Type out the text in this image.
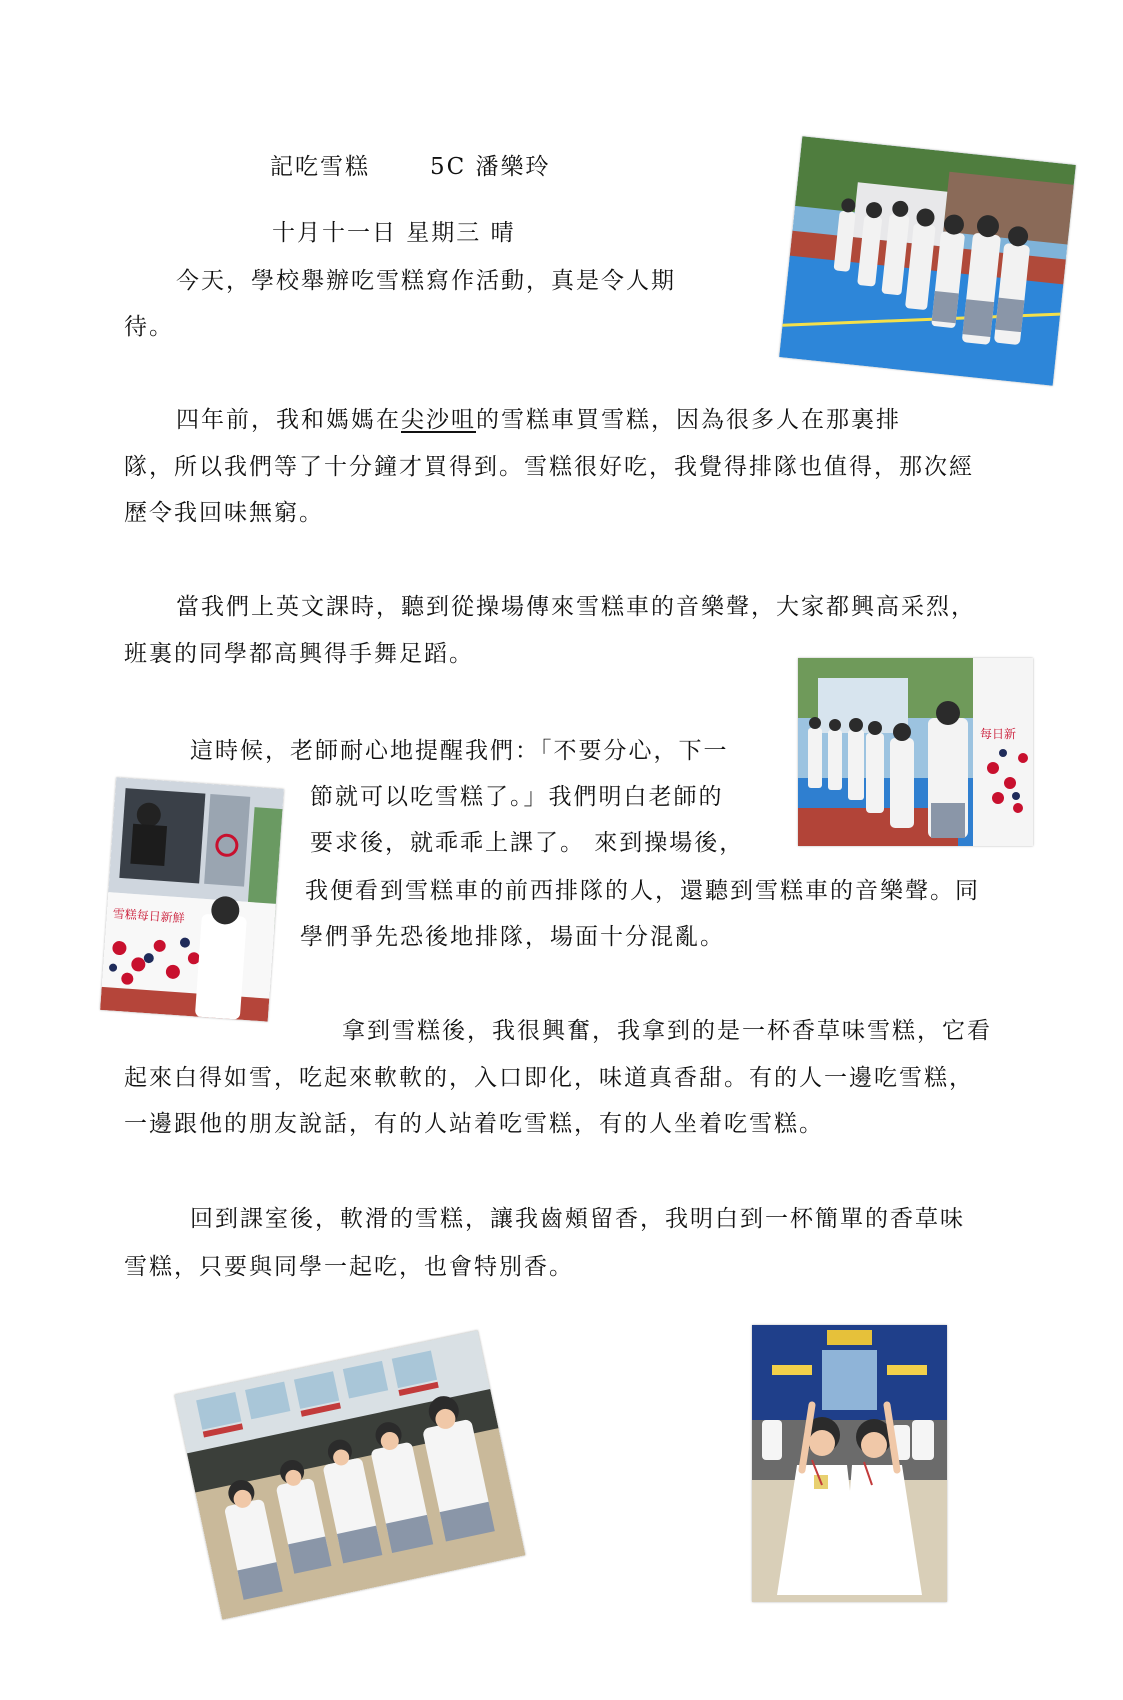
記吃雪糕	5C 潘樂玲
十月十一日 星期三 晴
今天，學校舉辦吃雪糕寫作活動，真是令人期
待。
四年前，我和媽媽在尖沙咀的雪糕車買雪糕，因為很多人在那裏排
隊，所以我們等了十分鐘才買得到。雪糕很好吃，我覺得排隊也值得，那次經
歷令我回味無窮。
當我們上英文課時，聽到從操場傳來雪糕車的音樂聲，大家都興高采烈，
班裏的同學都高興得手舞足蹈。
這時候，老師耐心地提醒我們：「不要分心，下一
節就可以吃雪糕了。」我們明白老師的
要求後，就乖乖上課了。 來到操場後，
我便看到雪糕車的前西排隊的人，還聽到雪糕車的音樂聲。同
學們爭先恐後地排隊，場面十分混亂。
拿到雪糕後，我很興奮，我拿到的是一杯香草味雪糕，它看
起來白得如雪，吃起來軟軟的，入口即化，味道真香甜。有的人一邊吃雪糕，
一邊跟他的朋友說話，有的人站着吃雪糕，有的人坐着吃雪糕。
回到課室後，軟滑的雪糕，讓我齒頰留香，我明白到一杯簡單的香草味
雪糕，只要與同學一起吃，也會特別香。
每日新
雪糕每日新鮮
